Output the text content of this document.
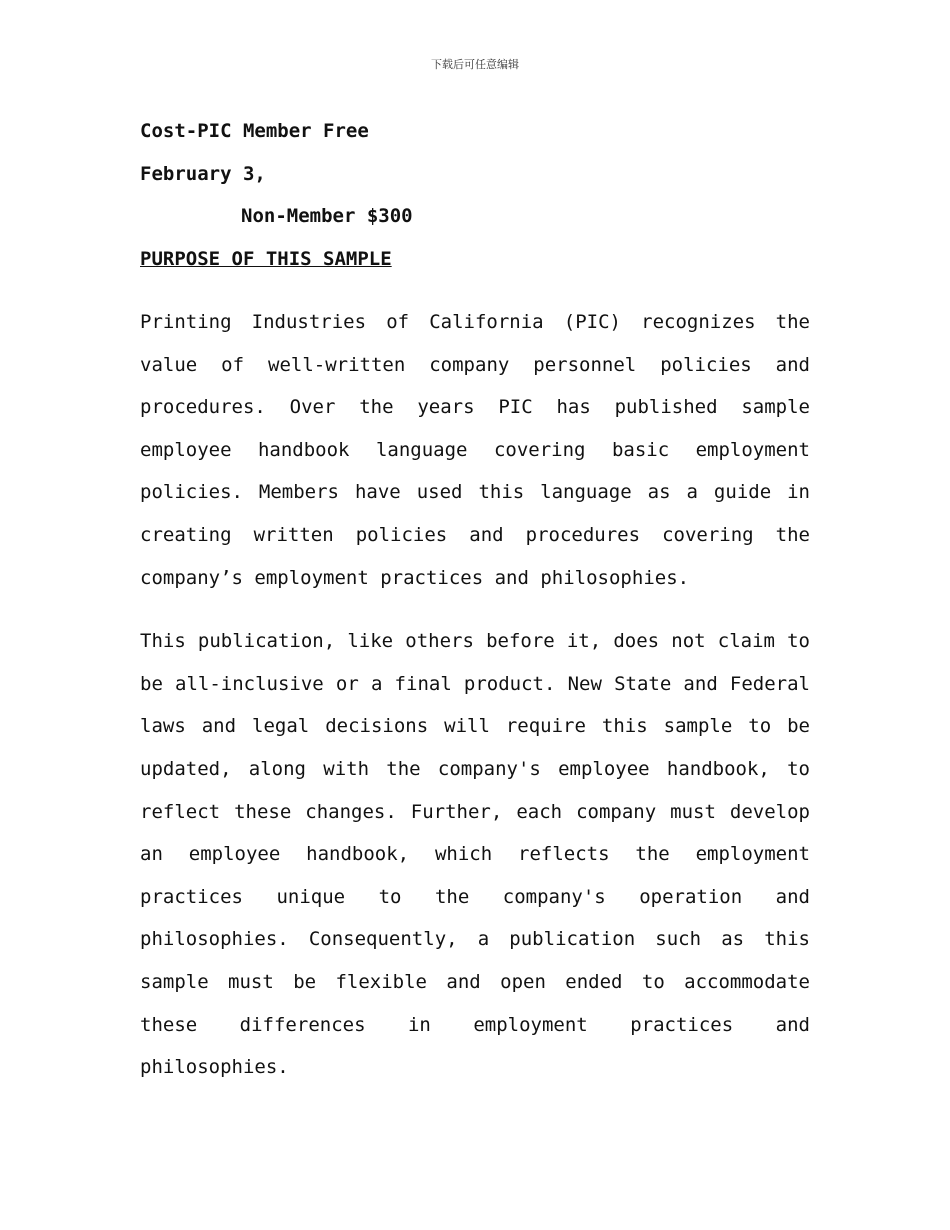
下载后可任意编辑
Cost-PIC Member Free
February 3,
Non-Member $300
PURPOSE OF THIS SAMPLE

Printing Industries of California (PIC) recognizes the value of well-written company personnel policies and procedures. Over the years PIC has published sample employee handbook language covering basic employment policies. Members have used this language as a guide in creating written policies and procedures covering the company’s employment practices and philosophies.

This publication, like others before it, does not claim to be all-inclusive or a final product. New State and Federal laws and legal decisions will require this sample to be updated, along with the company's employee handbook, to reflect these changes. Further, each company must develop an employee handbook, which reflects the employment practices unique to the company's operation and philosophies. Consequently, a publication such as this sample must be flexible and open ended to accommodate these differences in employment practices and philosophies.
